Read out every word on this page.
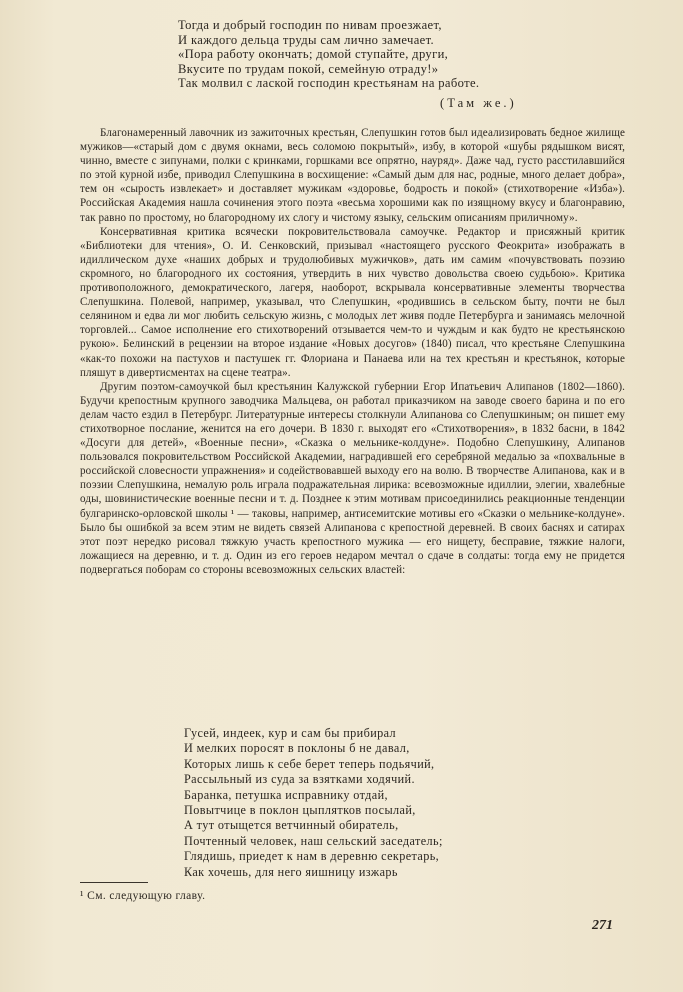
Тогда и добрый господин по нивам проезжает,
И каждого дельца труды сам лично замечает.
«Пора работу окончать; домой ступайте, други,
Вкусите по трудам покой, семейную отраду!»
Так молвил с лаской господин крестьянам на работе.
(Там же.)

Благонамеренный лавочник из зажиточных крестьян, Слепушкин готов был идеализировать бедное жилище мужиков—«старый дом с двумя окнами, весь соломою покрытый», избу, в которой «шубы рядышком висят, чинно, вместе с зипунами, полки с кринками, горшками все опрятно, науряд». Даже чад, густо расстилавшийся по этой курной избе, приводил Слепушкина в восхищение: «Самый дым для нас, родные, много делает добра», тем он «сырость извлекает» и доставляет мужикам «здоровье, бодрость и покой» (стихотворение «Изба»). Российская Академия нашла сочинения этого поэта «весьма хорошими как по изящному вкусу и благонравию, так равно по простому, но благородному их слогу и чистому языку, сельским описаниям приличному».

Консервативная критика всячески покровительствовала самоучке. Редактор и присяжный критик «Библиотеки для чтения», О. И. Сенковский, призывал «настоящего русского Феокрита» изображать в идиллическом духе «наших добрых и трудолюбивых мужичков», дать им самим «почувствовать поэзию скромного, но благородного их состояния, утвердить в них чувство довольства своею судьбою». Критика противоположного, демократического, лагеря, наоборот, вскрывала консервативные элементы творчества Слепушкина. Полевой, например, указывал, что Слепушкин, «родившись в сельском быту, почти не был селянином и едва ли мог любить сельскую жизнь, с молодых лет живя подле Петербурга и занимаясь мелочной торговлей... Самое исполнение его стихотворений отзывается чем-то и чуждым и как будто не крестьянскою рукою». Белинский в рецензии на второе издание «Новых досугов» (1840) писал, что крестьяне Слепушкина «как-то похожи на пастухов и пастушек гг. Флориана и Панаева или на тех крестьян и крестьянок, которые пляшут в дивертисментах на сцене театра».

Другим поэтом-самоучкой был крестьянин Калужской губернии Егор Ипатьевич Алипанов (1802—1860). Будучи крепостным крупного заводчика Мальцева, он работал приказчиком на заводе своего барина и по его делам часто ездил в Петербург. Литературные интересы столкнули Алипанова со Слепушкиным; он пишет ему стихотворное послание, женится на его дочери. В 1830 г. выходят его «Стихотворения», в 1832 басни, в 1842 «Досуги для детей», «Военные песни», «Сказка о мельнике-колдуне». Подобно Слепушкину, Алипанов пользовался покровительством Российской Академии, наградившей его серебряной медалью за «похвальные в российской словесности упражнения» и содействовавшей выходу его на волю. В творчестве Алипанова, как и в поэзии Слепушкина, немалую роль играла подражательная лирика: всевозможные идиллии, элегии, хвалебные оды, шовинистические военные песни и т. д. Позднее к этим мотивам присоединились реакционные тенденции булгаринско-орловской школы ¹ — таковы, например, антисемитские мотивы его «Сказки о мельнике-колдуне». Было бы ошибкой за всем этим не видеть связей Алипанова с крепостной деревней. В своих баснях и сатирах этот поэт нередко рисовал тяжкую участь крепостного мужика — его нищету, бесправие, тяжкие налоги, ложащиеся на деревню, и т. д. Один из его героев недаром мечтал о сдаче в солдаты: тогда ему не придется подвергаться поборам со стороны всевозможных сельских властей:

Гусей, индеек, кур и сам бы прибирал
И мелких поросят в поклоны б не давал,
Которых лишь к себе берет теперь подьячий,
Рассыльный из суда за взятками ходячий.
Баранка, петушка исправнику отдай,
Повытчице в поклон цыплятков посылай,
А тут отыщется ветчинный обиратель,
Почтенный человек, наш сельский заседатель;
Глядишь, приедет к нам в деревню секретарь,
Как хочешь, для него яишницу изжарь
¹ См. следующую главу.
271
